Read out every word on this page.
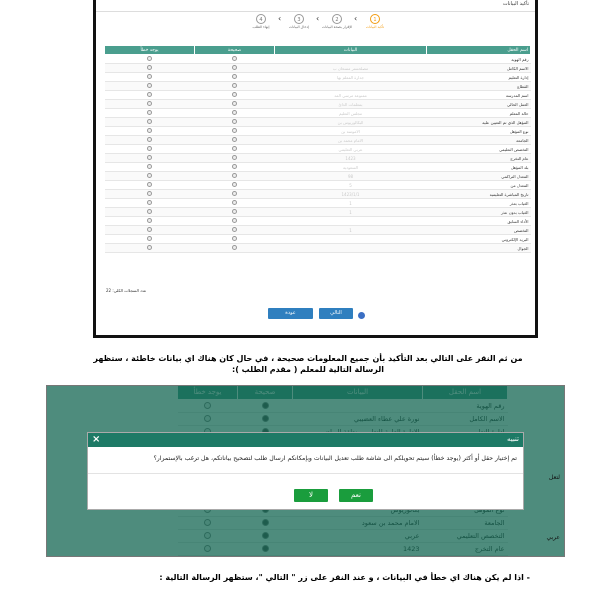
تأكيد البيانات
4
إنهاء الطلب
‹	3
إدخال البيانات
‹	2
الإقرار بصحة البيانات
‹	1
تأكيد البيانات
يوجد خطأ	صحيحة	البيانات	اسم الحقل
			رقم الهوية
		مصلحستر مسحان ب	الاسم الكامل
		جدارة المعلم بها	إدارة التعليم
			القطاع
		ممنوعة مرسي المد	اسم المدرسة
		بمعلمات الدائ	العمل الحالي
		مجلس التعليم	حالة المعلم
		البكالوريوس بن	المؤهل الذي تم التعيين عليه
		الاموسة بن	نوع المؤهل
		الامام محمد بن	الجامعة
		عربي التعليمي	التخصص التعليمي
		1423	عام التخرج
		السعودية	بلد المؤهل
		98	المعدل التراكمي
		5	المعدل من
		1423/1/1	تاريخ المباشرة التعليمية
		1	الغياب بعذر
		1	الغياب بدون عذر
			الأداء السابق
		1	التخصص
			البريد الإلكتروني
			الجوال
عدد السجلات الكلي: 22
التالي
عودة
من ثم النقر على التالي بعد التأكيد بأن جميع المعلومات صحيحة ، في حال كان هناك اي بيانات خاطئة ، ستظهر الرسالة التالية للمعلم ( مقدم الطلب ):

لتعل
عربي
تنبيه
×
تم إختيار حقل أو أكثر (يوجد خطأ) سيتم تحويلكم الى شاشة طلب تعديل البيانات وبإمكانكم ارسال طلب لتصحيح بياناتكم، هل ترغب بالإستمرار؟
نعم
لا
- اذا لم يكن هناك اي خطأ في البيانات ، و عند النقر على زر " التالي "، ستظهر الرسالة التالية :
